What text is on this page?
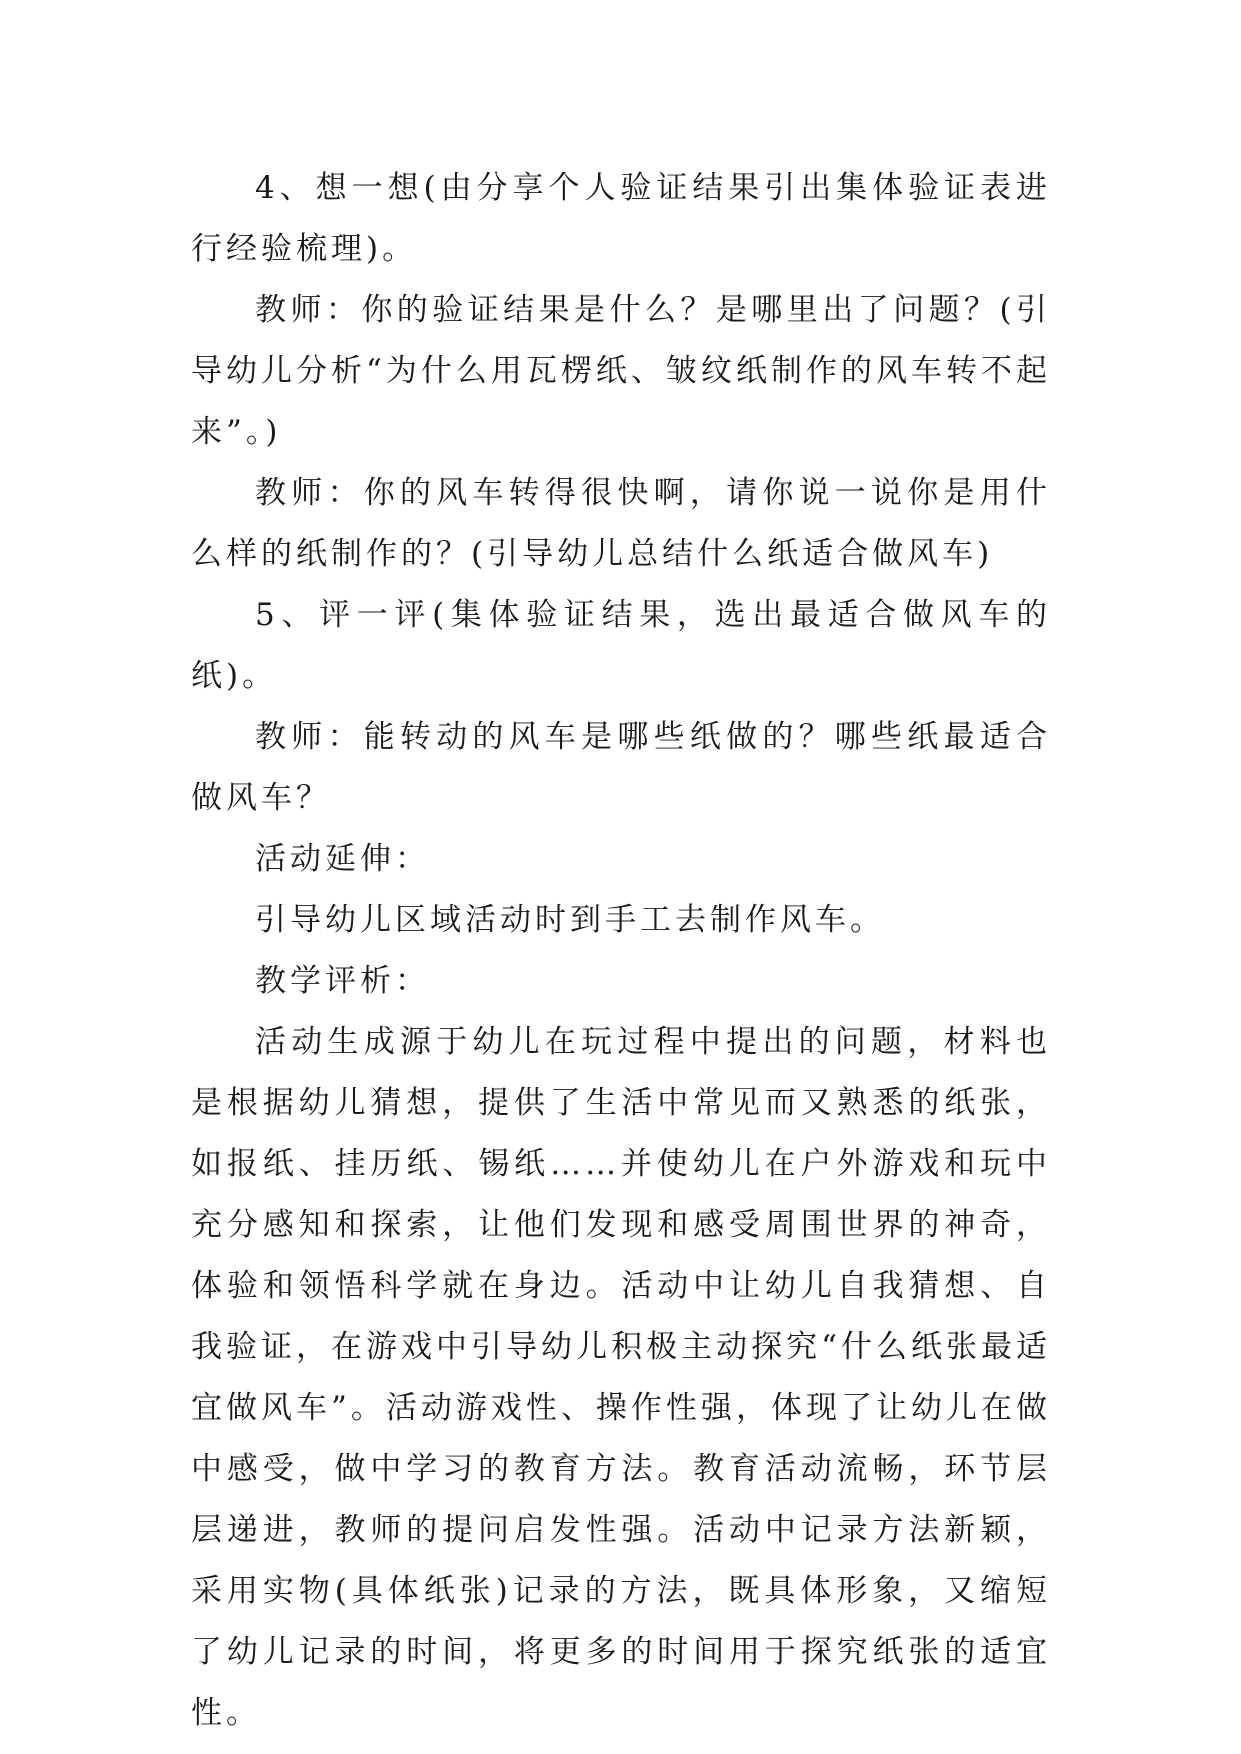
4、想一想(由分享个人验证结果引出集体验证表进行经验梳理)。

教师：你的验证结果是什么？是哪里出了问题？(引导幼儿分析“为什么用瓦楞纸、皱纹纸制作的风车转不起来”。)

教师：你的风车转得很快啊，请你说一说你是用什么样的纸制作的？(引导幼儿总结什么纸适合做风车)

5、评一评(集体验证结果，选出最适合做风车的纸)。

教师：能转动的风车是哪些纸做的？哪些纸最适合做风车？

活动延伸：

引导幼儿区域活动时到手工去制作风车。

教学评析：

活动生成源于幼儿在玩过程中提出的问题，材料也是根据幼儿猜想，提供了生活中常见而又熟悉的纸张，如报纸、挂历纸、锡纸……并使幼儿在户外游戏和玩中充分感知和探索，让他们发现和感受周围世界的神奇，体验和领悟科学就在身边。活动中让幼儿自我猜想、自我验证，在游戏中引导幼儿积极主动探究“什么纸张最适宜做风车”。活动游戏性、操作性强，体现了让幼儿在做中感受，做中学习的教育方法。教育活动流畅，环节层层递进，教师的提问启发性强。活动中记录方法新颖，采用实物(具体纸张)记录的方法，既具体形象，又缩短了幼儿记录的时间，将更多的时间用于探究纸张的适宜性。
